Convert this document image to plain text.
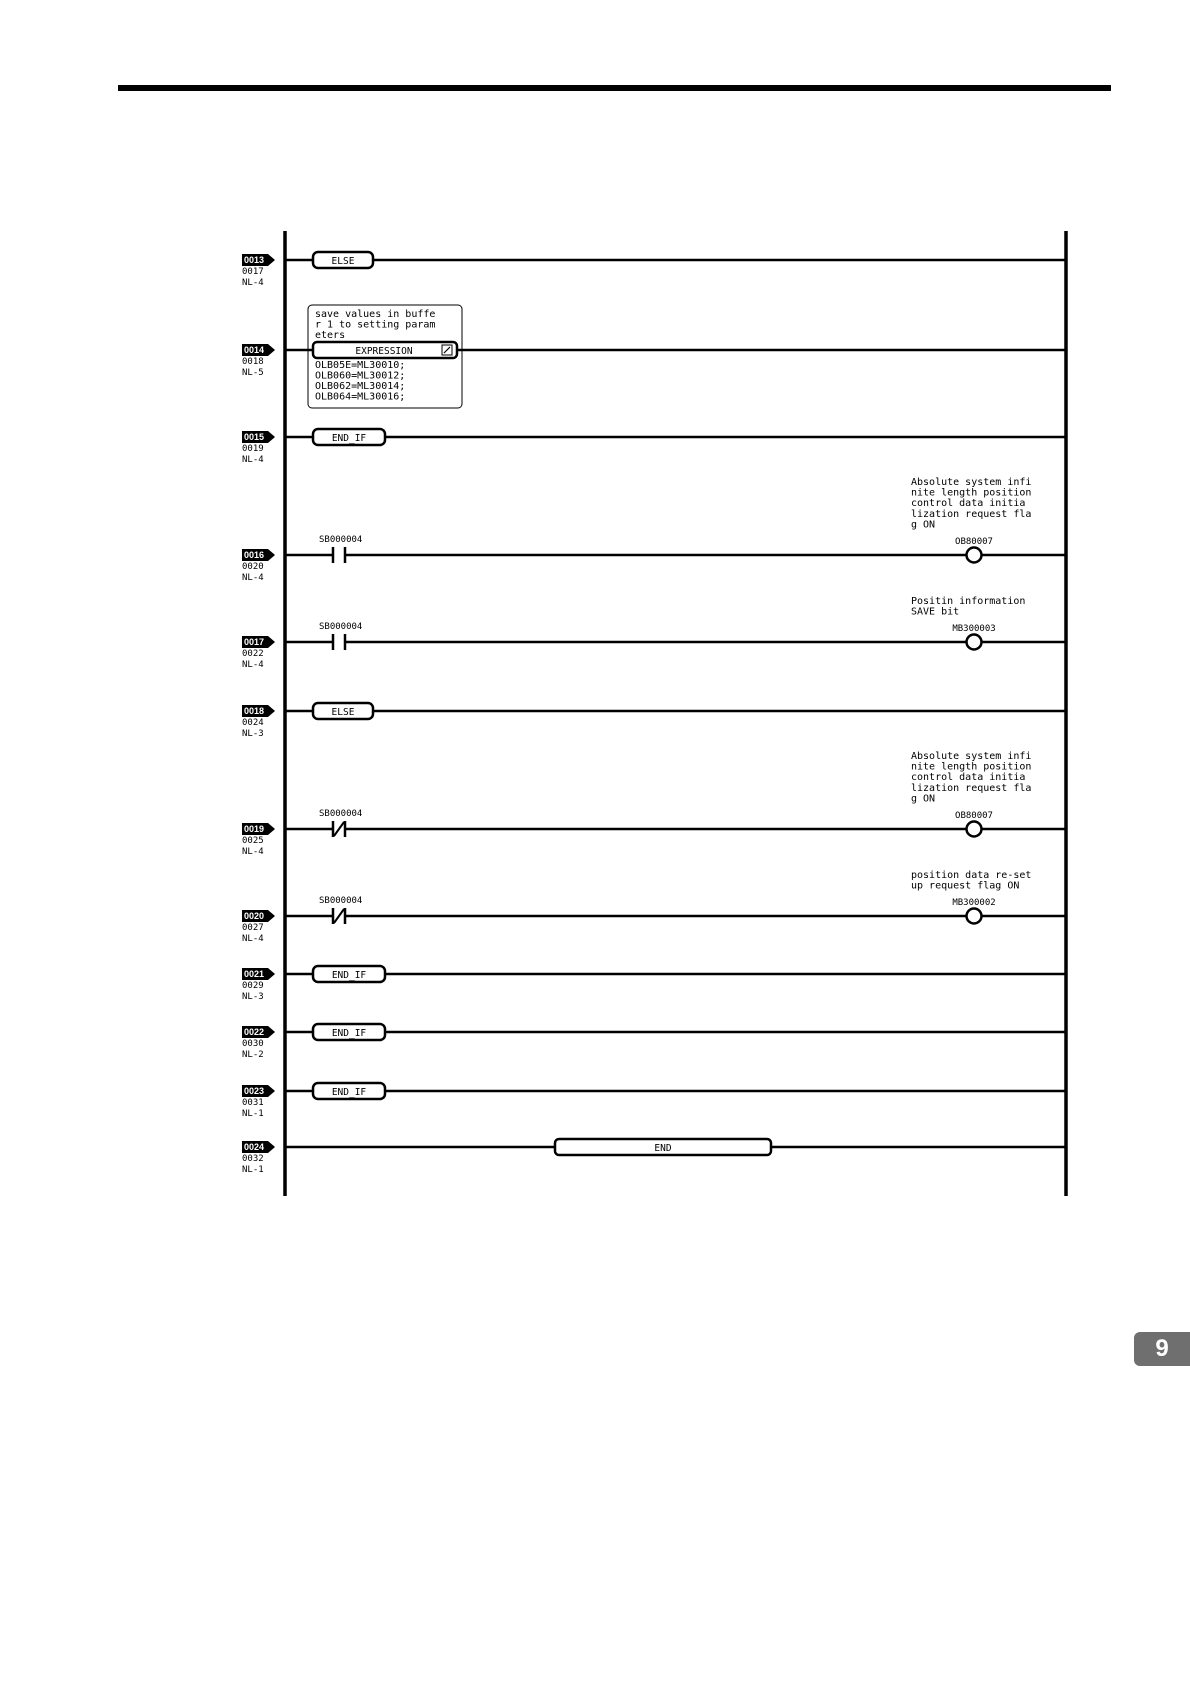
0013
0017
NL-4
ELSE
0014
0018
NL-5
save values in buffe
r 1 to setting param
eters
EXPRESSION
OLB05E=ML30010;
OLB060=ML30012;
OLB062=ML30014;
OLB064=ML30016;
0015
0019
NL-4
END_IF
0016
0020
NL-4
SB000004	OB80007
Absolute system infi
nite length position
control data initia
lization request fla
g ON
0017
0022
NL-4
SB000004	MB300003
Positin information
SAVE bit
0018
0024
NL-3
ELSE
0019
0025
NL-4
SB000004	OB80007
Absolute system infi
nite length position
control data initia
lization request fla
g ON
0020
0027
NL-4
SB000004	MB300002
position data re-set
up request flag ON
0021
0029
NL-3
END_IF
0022
0030
NL-2
END_IF
0023
0031
NL-1
END_IF
0024
0032
NL-1
END
9
